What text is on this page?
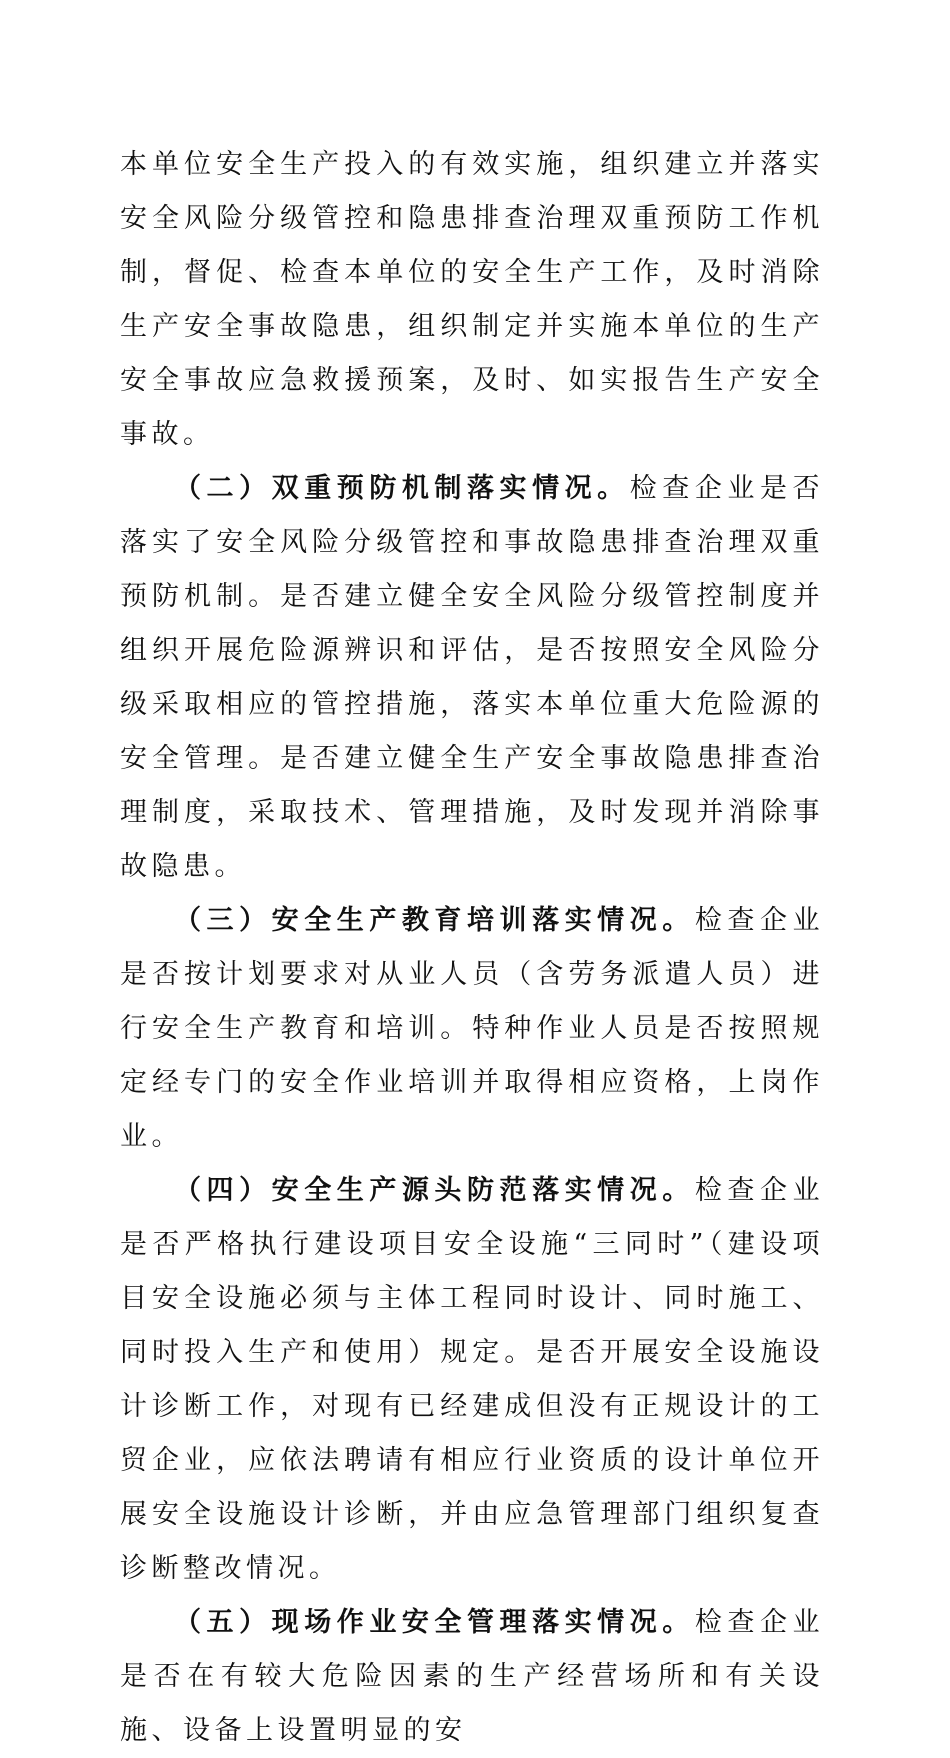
本单位安全生产投入的有效实施，组织建立并落实安全风险分级管控和隐患排查治理双重预防工作机制，督促、检查本单位的安全生产工作，及时消除生产安全事故隐患，组织制定并实施本单位的生产安全事故应急救援预案，及时、如实报告生产安全事故。

（二）双重预防机制落实情况。检查企业是否落实了安全风险分级管控和事故隐患排查治理双重预防机制。是否建立健全安全风险分级管控制度并组织开展危险源辨识和评估，是否按照安全风险分级采取相应的管控措施，落实本单位重大危险源的安全管理。是否建立健全生产安全事故隐患排查治理制度，采取技术、管理措施，及时发现并消除事故隐患。

（三）安全生产教育培训落实情况。检查企业是否按计划要求对从业人员（含劳务派遣人员）进行安全生产教育和培训。特种作业人员是否按照规定经专门的安全作业培训并取得相应资格，上岗作业。

（四）安全生产源头防范落实情况。检查企业是否严格执行建设项目安全设施“三同时”（建设项目安全设施必须与主体工程同时设计、同时施工、同时投入生产和使用）规定。是否开展安全设施设计诊断工作，对现有已经建成但没有正规设计的工贸企业，应依法聘请有相应行业资质的设计单位开展安全设施设计诊断，并由应急管理部门组织复查诊断整改情况。

（五）现场作业安全管理落实情况。检查企业是否在有较大危险因素的生产经营场所和有关设施、设备上设置明显的安
